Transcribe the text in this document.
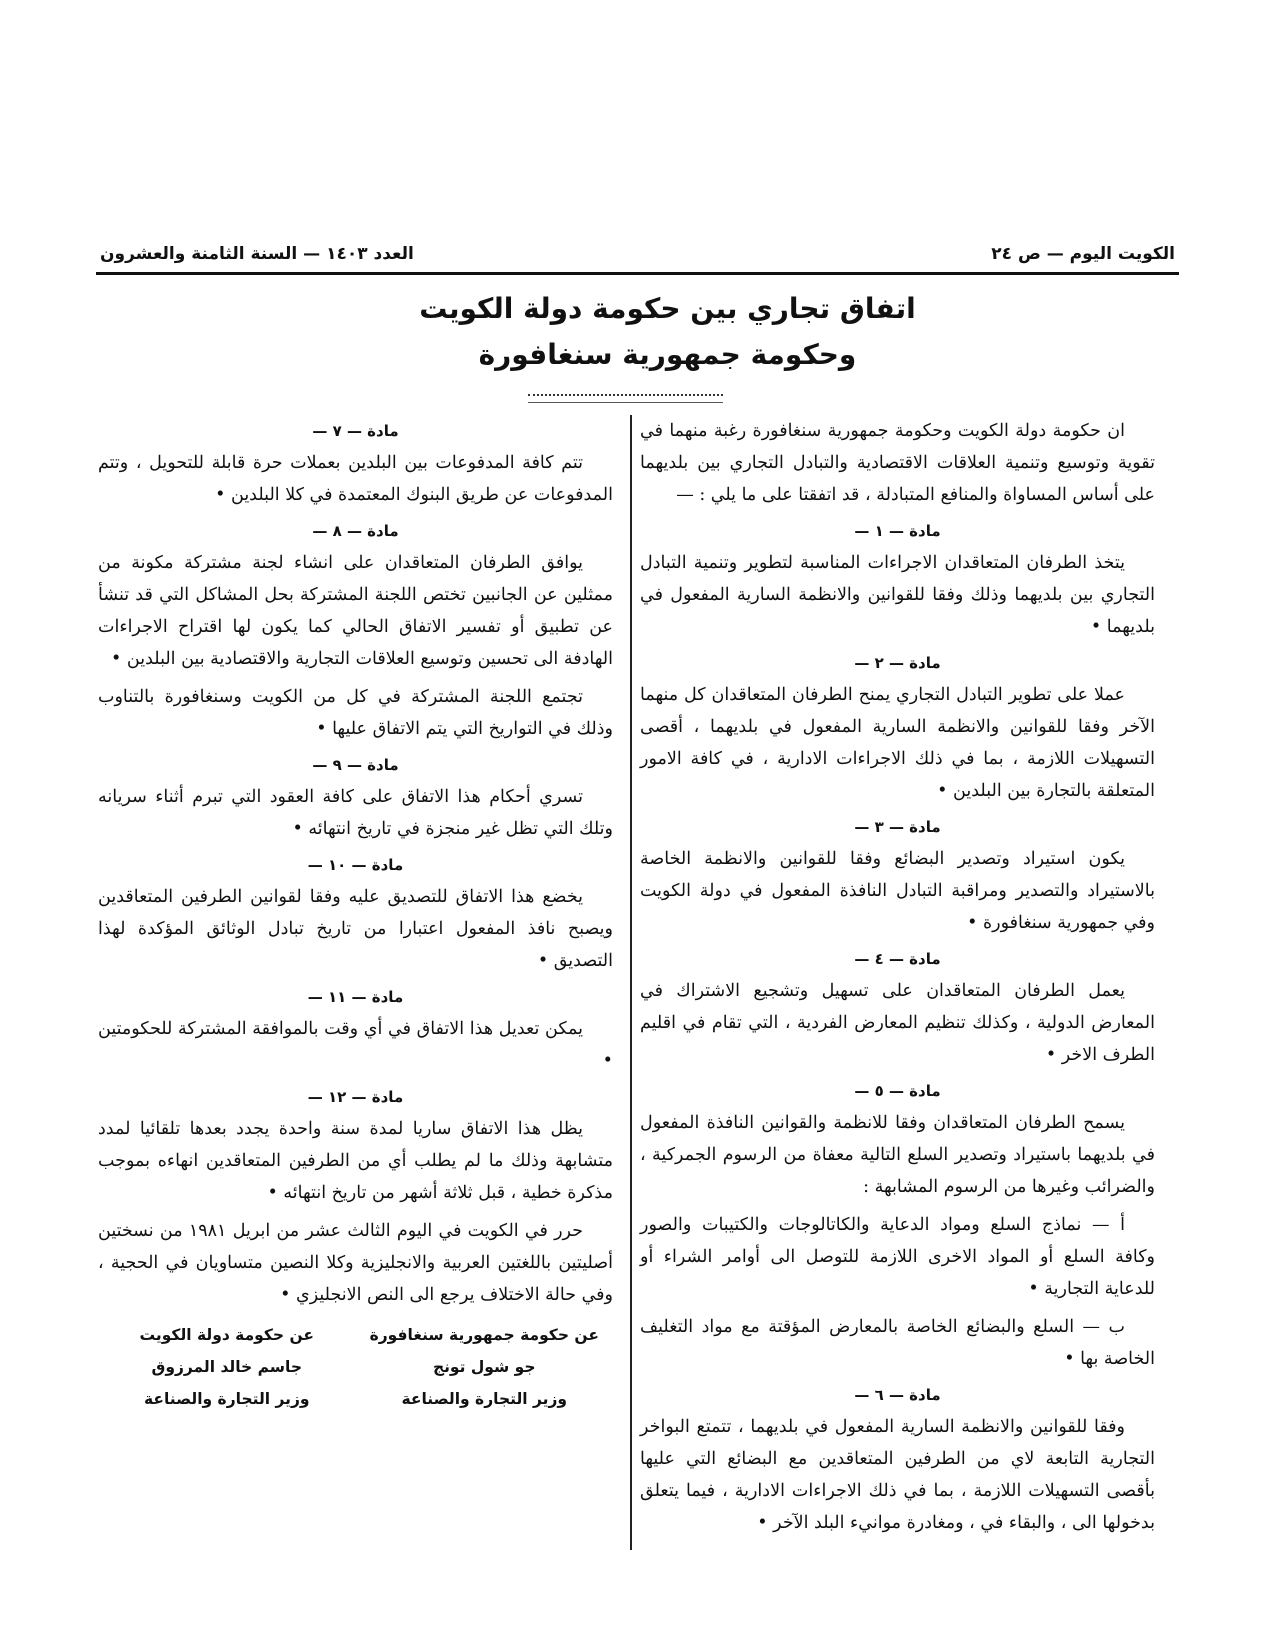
الكويت اليوم — ص ٢٤
العدد ١٤٠٣ — السنة الثامنة والعشرون
اتفاق تجاري بين حكومة دولة الكويت
وحكومة جمهورية سنغافورة
ان حكومة دولة الكويت وحكومة جمهورية سنغافورة رغبة منهما في تقوية وتوسيع وتنمية العلاقات الاقتصادية والتبادل التجاري بين بلديهما على أساس المساواة والمنافع المتبادلة ، قد اتفقتا على ما يلي : —
مادة — ١ —
يتخذ الطرفان المتعاقدان الاجراءات المناسبة لتطوير وتنمية التبادل التجاري بين بلديهما وذلك وفقا للقوانين والانظمة السارية المفعول في بلديهما •
مادة — ٢ —
عملا على تطوير التبادل التجاري يمنح الطرفان المتعاقدان كل منهما الآخر وفقا للقوانين والانظمة السارية المفعول في بلديهما ، أقصى التسهيلات اللازمة ، بما في ذلك الاجراءات الادارية ، في كافة الامور المتعلقة بالتجارة بين البلدين •
مادة — ٣ —
يكون استيراد وتصدير البضائع وفقا للقوانين والانظمة الخاصة بالاستيراد والتصدير ومراقبة التبادل النافذة المفعول في دولة الكويت وفي جمهورية سنغافورة •
مادة — ٤ —
يعمل الطرفان المتعاقدان على تسهيل وتشجيع الاشتراك في المعارض الدولية ، وكذلك تنظيم المعارض الفردية ، التي تقام في اقليم الطرف الاخر •
مادة — ٥ —
يسمح الطرفان المتعاقدان وفقا للانظمة والقوانين النافذة المفعول في بلديهما باستيراد وتصدير السلع التالية معفاة من الرسوم الجمركية ، والضرائب وغيرها من الرسوم المشابهة :
أ — نماذج السلع ومواد الدعاية والكاتالوجات والكتيبات والصور وكافة السلع أو المواد الاخرى اللازمة للتوصل الى أوامر الشراء أو للدعاية التجارية •
ب — السلع والبضائع الخاصة بالمعارض المؤقتة مع مواد التغليف الخاصة بها •
مادة — ٦ —
وفقا للقوانين والانظمة السارية المفعول في بلديهما ، تتمتع البواخر التجارية التابعة لاي من الطرفين المتعاقدين مع البضائع التي عليها بأقصى التسهيلات اللازمة ، بما في ذلك الاجراءات الادارية ، فيما يتعلق بدخولها الى ، والبقاء في ، ومغادرة موانيء البلد الآخر •
مادة — ٧ —
تتم كافة المدفوعات بين البلدين بعملات حرة قابلة للتحويل ، وتتم المدفوعات عن طريق البنوك المعتمدة في كلا البلدين •
مادة — ٨ —
يوافق الطرفان المتعاقدان على انشاء لجنة مشتركة مكونة من ممثلين عن الجانبين تختص اللجنة المشتركة بحل المشاكل التي قد تنشأ عن تطبيق أو تفسير الاتفاق الحالي كما يكون لها اقتراح الاجراءات الهادفة الى تحسين وتوسيع العلاقات التجارية والاقتصادية بين البلدين •
تجتمع اللجنة المشتركة في كل من الكويت وسنغافورة بالتناوب وذلك في التواريخ التي يتم الاتفاق عليها •
مادة — ٩ —
تسري أحكام هذا الاتفاق على كافة العقود التي تبرم أثناء سريانه وتلك التي تظل غير منجزة في تاريخ انتهائه •
مادة — ١٠ —
يخضع هذا الاتفاق للتصديق عليه وفقا لقوانين الطرفين المتعاقدين ويصبح نافذ المفعول اعتبارا من تاريخ تبادل الوثائق المؤكدة لهذا التصديق •
مادة — ١١ —
يمكن تعديل هذا الاتفاق في أي وقت بالموافقة المشتركة للحكومتين •
مادة — ١٢ —
يظل هذا الاتفاق ساريا لمدة سنة واحدة يجدد بعدها تلقائيا لمدد متشابهة وذلك ما لم يطلب أي من الطرفين المتعاقدين انهاءه بموجب مذكرة خطية ، قبل ثلاثة أشهر من تاريخ انتهائه •
حرر في الكويت في اليوم الثالث عشر من ابريل ١٩٨١ من نسختين أصليتين باللغتين العربية والانجليزية وكلا النصين متساويان في الحجية ، وفي حالة الاختلاف يرجع الى النص الانجليزي •
عن حكومة جمهورية سنغافورة
عن حكومة دولة الكويت
جو شول تونج
جاسم خالد المرزوق
وزير التجارة والصناعة
وزير التجارة والصناعة
